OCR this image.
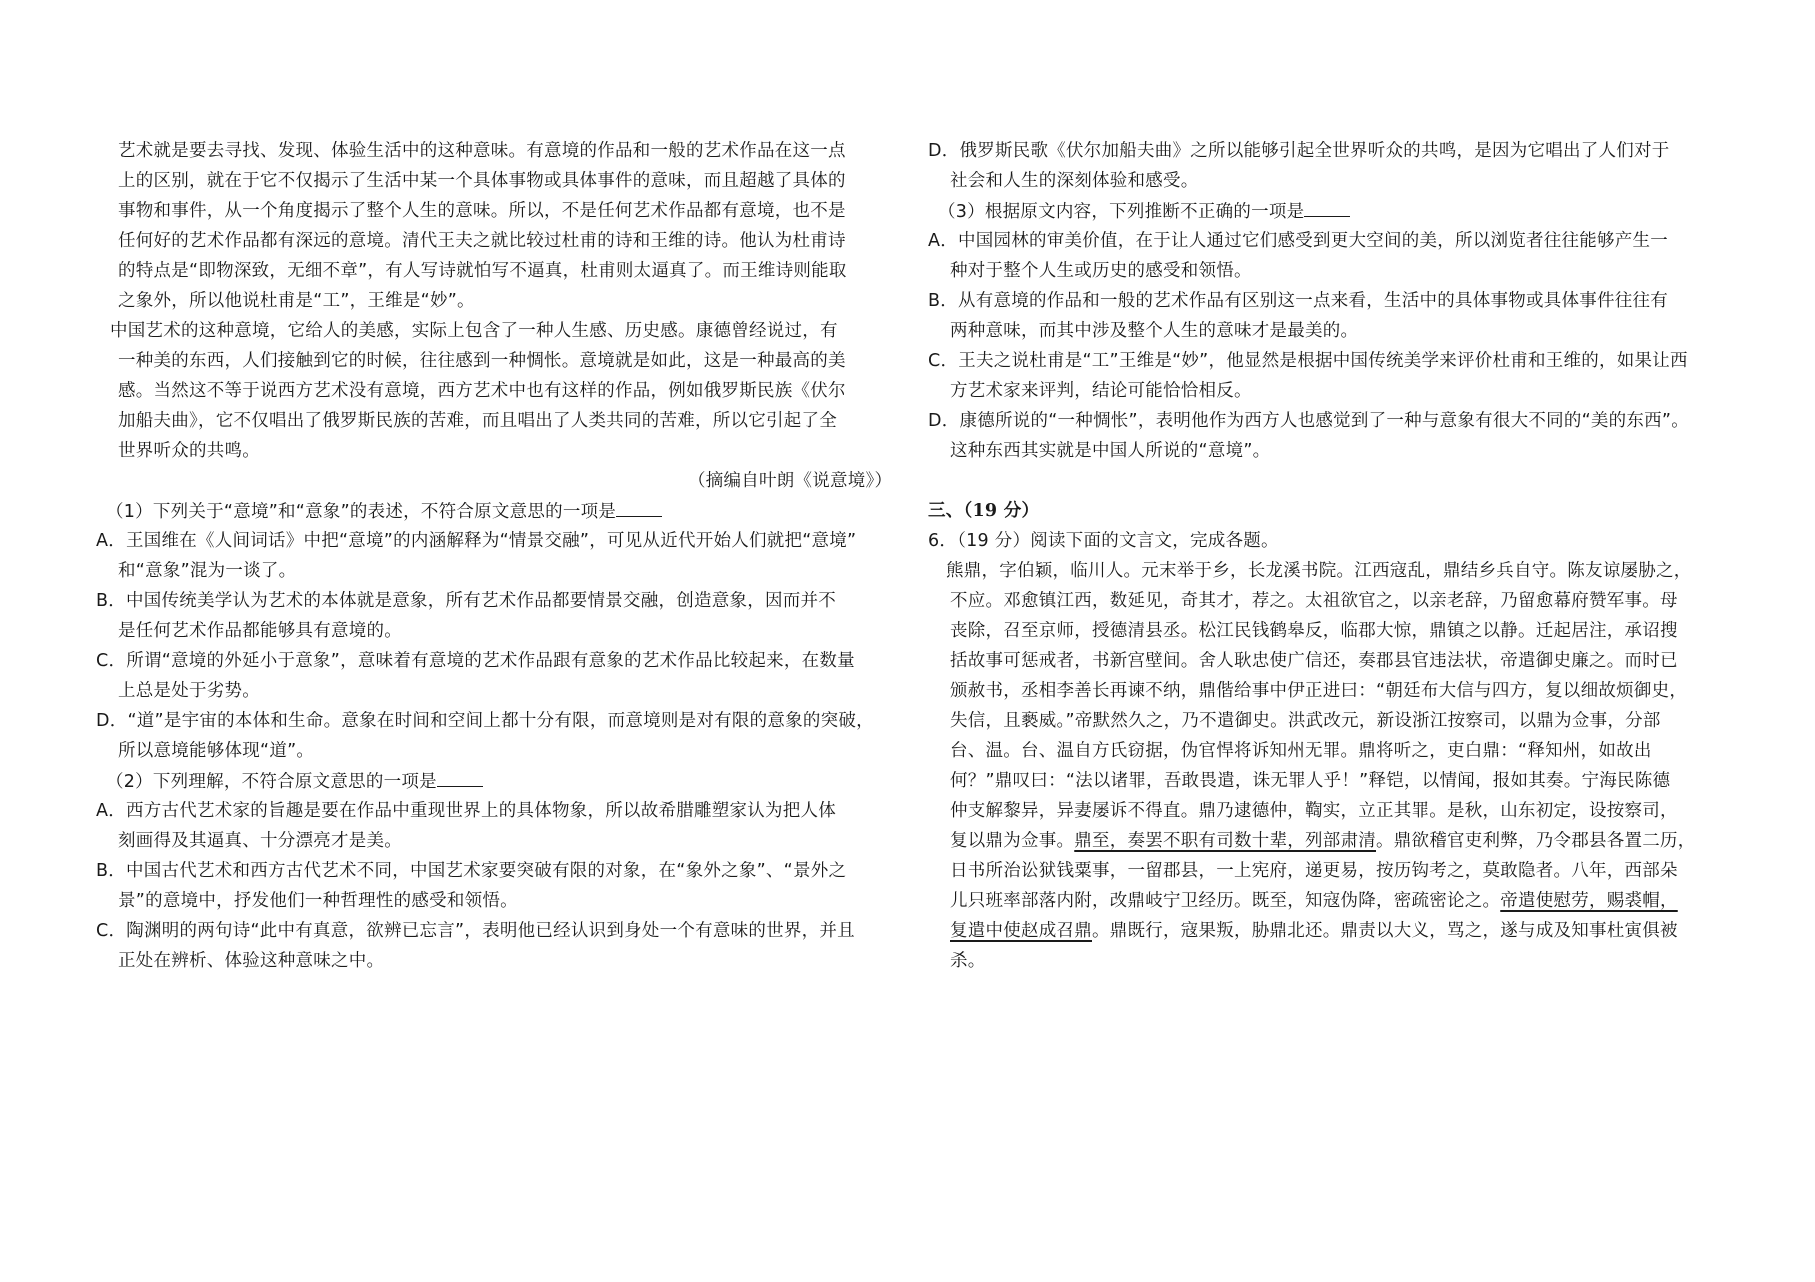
艺术就是要去寻找、发现、体验生活中的这种意味。有意境的作品和一般的艺术作品在这一点
上的区别，就在于它不仅揭示了生活中某一个具体事物或具体事件的意味，而且超越了具体的
事物和事件，从一个角度揭示了整个人生的意味。所以，不是任何艺术作品都有意境，也不是
任何好的艺术作品都有深远的意境。清代王夫之就比较过杜甫的诗和王维的诗。他认为杜甫诗
的特点是“即物深致，无细不章”，有人写诗就怕写不逼真，杜甫则太逼真了。而王维诗则能取
之象外，所以他说杜甫是“工”，王维是“妙”。
中国艺术的这种意境，它给人的美感，实际上包含了一种人生感、历史感。康德曾经说过，有
一种美的东西，人们接触到它的时候，往往感到一种惆怅。意境就是如此，这是一种最高的美
感。当然这不等于说西方艺术没有意境，西方艺术中也有这样的作品，例如俄罗斯民族《伏尔
加船夫曲》，它不仅唱出了俄罗斯民族的苦难，而且唱出了人类共同的苦难，所以它引起了全
世界听众的共鸣。
（摘编自叶朗《说意境》）
（1）下列关于“意境”和“意象”的表述，不符合原文意思的一项是
A．王国维在《人间词话》中把“意境”的内涵解释为“情景交融”，可见从近代开始人们就把“意境”
和“意象”混为一谈了。
B．中国传统美学认为艺术的本体就是意象，所有艺术作品都要情景交融，创造意象，因而并不
是任何艺术作品都能够具有意境的。
C．所谓“意境的外延小于意象”，意味着有意境的艺术作品跟有意象的艺术作品比较起来，在数量
上总是处于劣势。
D．“道”是宇宙的本体和生命。意象在时间和空间上都十分有限，而意境则是对有限的意象的突破，
所以意境能够体现“道”。
（2）下列理解，不符合原文意思的一项是
A．西方古代艺术家的旨趣是要在作品中重现世界上的具体物象，所以故希腊雕塑家认为把人体
刻画得及其逼真、十分漂亮才是美。
B．中国古代艺术和西方古代艺术不同，中国艺术家要突破有限的对象，在“象外之象”、“景外之
景”的意境中，抒发他们一种哲理性的感受和领悟。
C．陶渊明的两句诗“此中有真意，欲辨已忘言”，表明他已经认识到身处一个有意味的世界，并且
正处在辨析、体验这种意味之中。
D．俄罗斯民歌《伏尔加船夫曲》之所以能够引起全世界听众的共鸣，是因为它唱出了人们对于
社会和人生的深刻体验和感受。
（3）根据原文内容，下列推断不正确的一项是
A．中国园林的审美价值，在于让人通过它们感受到更大空间的美，所以浏览者往往能够产生一
种对于整个人生或历史的感受和领悟。
B．从有意境的作品和一般的艺术作品有区别这一点来看，生活中的具体事物或具体事件往往有
两种意味，而其中涉及整个人生的意味才是最美的。
C．王夫之说杜甫是“工”王维是“妙”，他显然是根据中国传统美学来评价杜甫和王维的，如果让西
方艺术家来评判，结论可能恰恰相反。
D．康德所说的“一种惆怅”，表明他作为西方人也感觉到了一种与意象有很大不同的“美的东西”。
这种东西其实就是中国人所说的“意境”。
三、（19 分）
6．（19 分）阅读下面的文言文，完成各题。
熊鼎，字伯颖，临川人。元末举于乡，长龙溪书院。江西寇乱，鼎结乡兵自守。陈友谅屡胁之，
不应。邓愈镇江西，数延见，奇其才，荐之。太祖欲官之，以亲老辞，乃留愈幕府赞军事。母
丧除，召至京师，授德清县丞。松江民钱鹤皋反，临郡大惊，鼎镇之以静。迁起居注，承诏搜
括故事可惩戒者，书新宫壁间。舍人耿忠使广信还，奏郡县官违法状，帝遣御史廉之。而时已
颁赦书，丞相李善长再谏不纳，鼎偕给事中伊正进曰：“朝廷布大信与四方，复以细故烦御史，
失信，且褻威。”帝默然久之，乃不遣御史。洪武改元，新设浙江按察司，以鼎为佥事，分部
台、温。台、温自方氏窃据，伪官悍将诉知州无罪。鼎将听之，吏白鼎：“释知州，如故出
何？”鼎叹曰：“法以诸罪，吾敢畏遣，诛无罪人乎！”释铠，以情闻，报如其奏。宁海民陈德
仲支解黎异，异妻屡诉不得直。鼎乃逮德仲，鞫实，立正其罪。是秋，山东初定，设按察司，
复以鼎为佥事。鼎至，奏罢不职有司数十辈，列部肃清。鼎欲稽官吏利弊，乃令郡县各置二历，
日书所治讼狱钱粟事，一留郡县，一上宪府，递更易，按历钩考之，莫敢隐者。八年，西部朵
儿只班率部落内附，改鼎岐宁卫经历。既至，知寇伪降，密疏密论之。帝遣使慰劳，赐裘帽，
复遣中使赵成召鼎。鼎既行，寇果叛，胁鼎北还。鼎责以大义，骂之，遂与成及知事杜寅俱被
杀。
